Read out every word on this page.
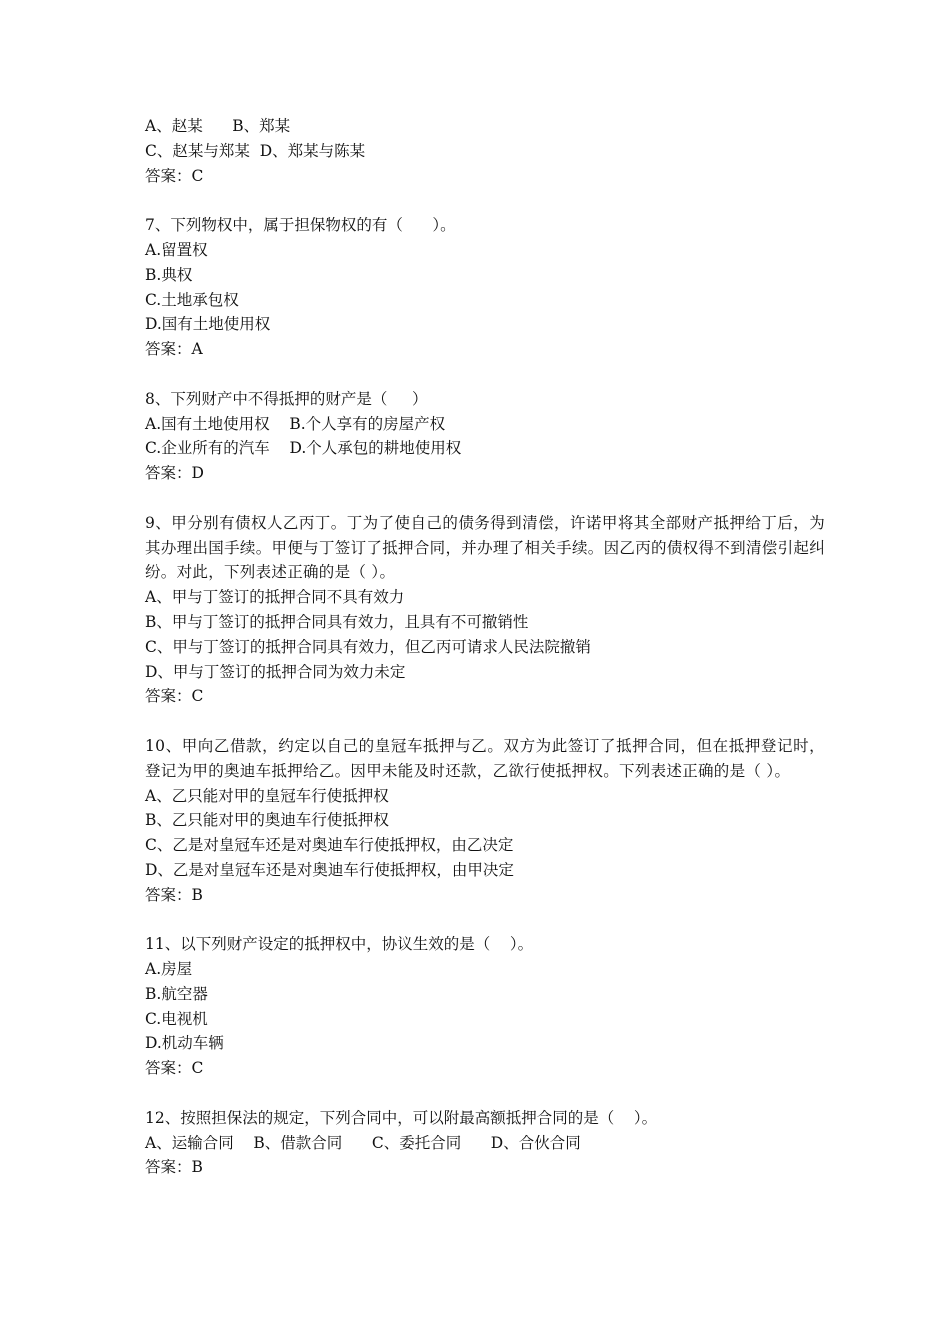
A、赵某      B、郑某

C、赵某与郑某  D、郑某与陈某

答案：C

7、下列物权中，属于担保物权的有（      ）。

A.留置权

B.典权

C.土地承包权

D.国有土地使用权

答案：A

8、下列财产中不得抵押的财产是（     ）

A.国有土地使用权    B.个人享有的房屋产权

C.企业所有的汽车    D.个人承包的耕地使用权

答案：D

9、甲分别有债权人乙丙丁。丁为了使自己的债务得到清偿，许诺甲将其全部财产抵押给丁后，为其办理出国手续。甲便与丁签订了抵押合同，并办理了相关手续。因乙丙的债权得不到清偿引起纠纷。对此，下列表述正确的是（ ）。

A、甲与丁签订的抵押合同不具有效力

B、甲与丁签订的抵押合同具有效力，且具有不可撤销性

C、甲与丁签订的抵押合同具有效力，但乙丙可请求人民法院撤销

D、甲与丁签订的抵押合同为效力未定

答案：C

10、甲向乙借款，约定以自己的皇冠车抵押与乙。双方为此签订了抵押合同，但在抵押登记时，登记为甲的奥迪车抵押给乙。因甲未能及时还款，乙欲行使抵押权。下列表述正确的是（ ）。

A、乙只能对甲的皇冠车行使抵押权

B、乙只能对甲的奥迪车行使抵押权

C、乙是对皇冠车还是对奥迪车行使抵押权，由乙决定

D、乙是对皇冠车还是对奥迪车行使抵押权，由甲决定

答案：B

11、以下列财产设定的抵押权中，协议生效的是（    ）。

A.房屋

B.航空器

C.电视机

D.机动车辆

答案：C

12、按照担保法的规定，下列合同中，可以附最高额抵押合同的是（    ）。

A、运输合同    B、借款合同      C、委托合同      D、合伙合同

答案：B
